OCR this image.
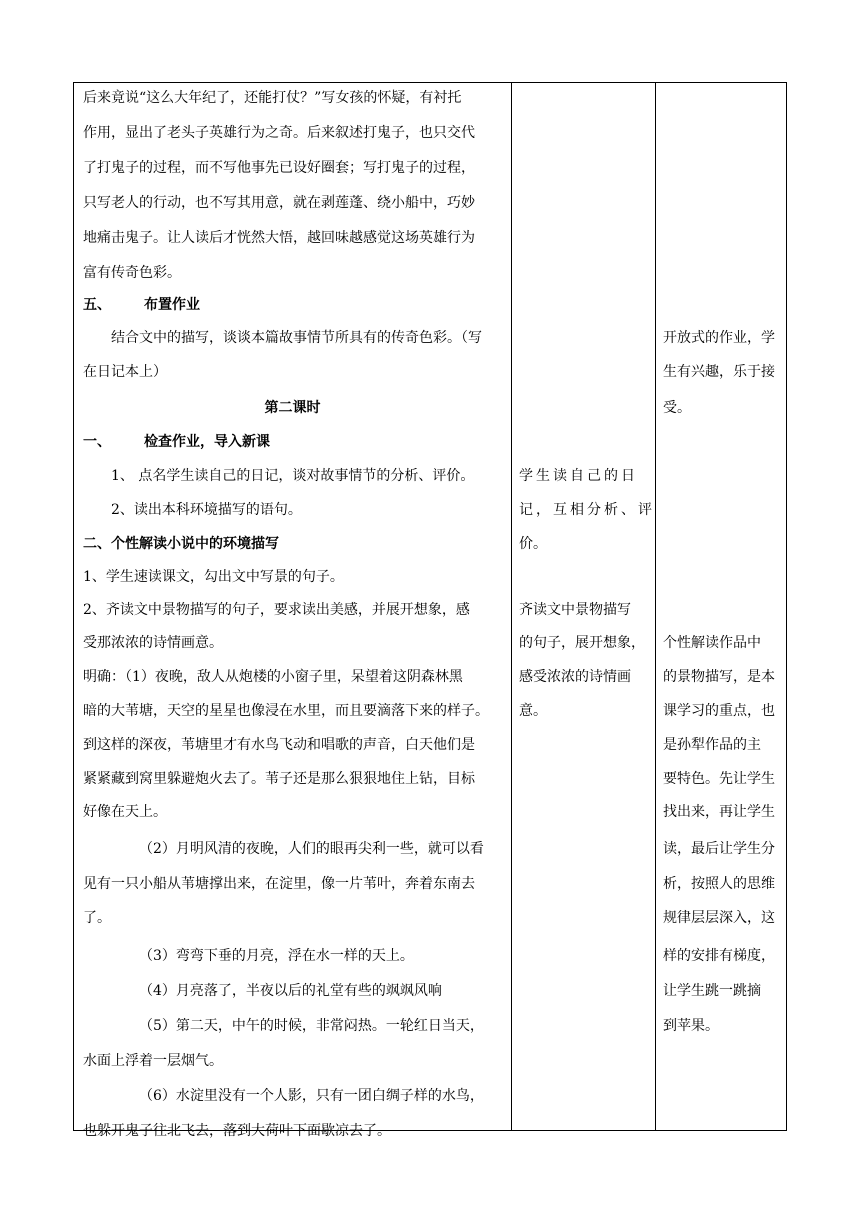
后来竟说“这么大年纪了，还能打仗？”写女孩的怀疑，有衬托
作用，显出了老头子英雄行为之奇。后来叙述打鬼子，也只交代
了打鬼子的过程，而不写他事先已设好圈套；写打鬼子的过程，
只写老人的行动，也不写其用意，就在剥莲蓬、绕小船中，巧妙
地痛击鬼子。让人读后才恍然大悟，越回味越感觉这场英雄行为
富有传奇色彩。
五、 布置作业
结合文中的描写，谈谈本篇故事情节所具有的传奇色彩。（写
在日记本上）
第二课时
一、 检查作业，导入新课
1、 点名学生读自己的日记，谈对故事情节的分析、评价。
2、读出本科环境描写的语句。
二、个性解读小说中的环境描写
1、学生速读课文，勾出文中写景的句子。
2、齐读文中景物描写的句子，要求读出美感，并展开想象，感
受那浓浓的诗情画意。
明确：（1）夜晚，敌人从炮楼的小窗子里，呆望着这阴森林黑
暗的大苇塘，天空的星星也像浸在水里，而且要滴落下来的样子。
到这样的深夜，苇塘里才有水鸟飞动和唱歌的声音，白天他们是
紧紧藏到窝里躲避炮火去了。苇子还是那么狠狠地住上钻，目标
好像在天上。
（2）月明风清的夜晚，人们的眼再尖利一些，就可以看
见有一只小船从苇塘撑出来，在淀里，像一片苇叶，奔着东南去
了。
（3）弯弯下垂的月亮，浮在水一样的天上。
（4）月亮落了，半夜以后的礼堂有些的飒飒风响
（5）第二天，中午的时候，非常闷热。一轮红日当天，
水面上浮着一层烟气。
（6）水淀里没有一个人影，只有一团白绸子样的水鸟，
也躲开鬼子往北飞去，落到大荷叶下面歇凉去了。
学生读自己的日
记，互相分析、评
价。
齐读文中景物描写
的句子，展开想象，
感受浓浓的诗情画
意。
开放式的作业，学
生有兴趣，乐于接
受。
个性解读作品中
的景物描写，是本
课学习的重点，也
是孙犁作品的主
要特色。先让学生
找出来，再让学生
读，最后让学生分
析，按照人的思维
规律层层深入，这
样的安排有梯度，
让学生跳一跳摘
到苹果。
